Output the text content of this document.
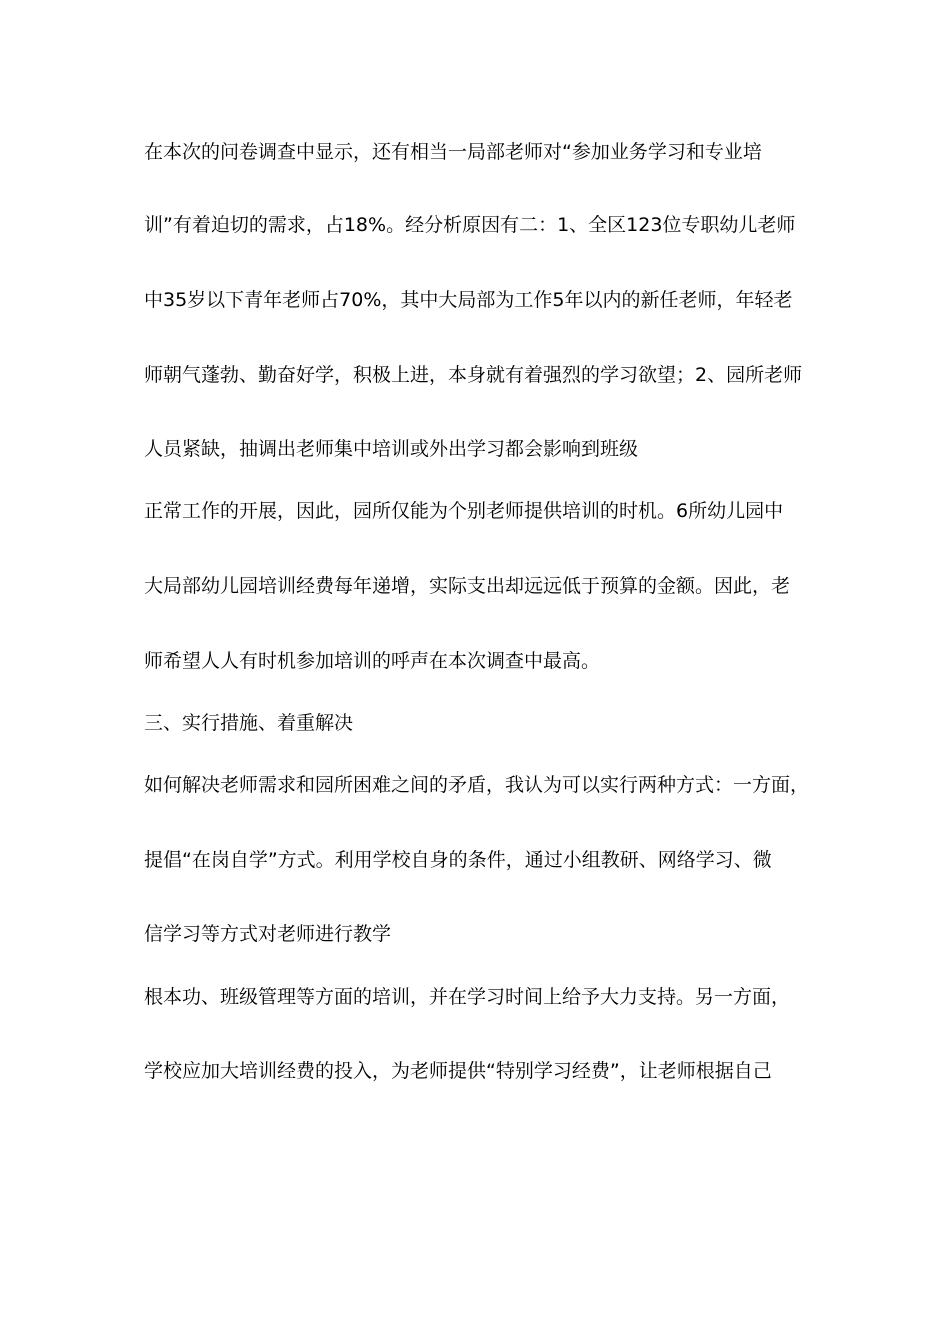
在本次的问卷调查中显示，还有相当一局部老师对“参加业务学习和专业培
训”有着迫切的需求，占18%。经分析原因有二：1、全区123位专职幼儿老师
中35岁以下青年老师占70%，其中大局部为工作5年以内的新任老师，年轻老
师朝气蓬勃、勤奋好学，积极上进，本身就有着强烈的学习欲望；2、园所老师
人员紧缺，抽调出老师集中培训或外出学习都会影响到班级
正常工作的开展，因此，园所仅能为个别老师提供培训的时机。6所幼儿园中
大局部幼儿园培训经费每年递增，实际支出却远远低于预算的金额。因此，老
师希望人人有时机参加培训的呼声在本次调查中最高。
三、实行措施、着重解决
如何解决老师需求和园所困难之间的矛盾，我认为可以实行两种方式：一方面，
提倡“在岗自学”方式。利用学校自身的条件，通过小组教研、网络学习、微
信学习等方式对老师进行教学
根本功、班级管理等方面的培训，并在学习时间上给予大力支持。另一方面，
学校应加大培训经费的投入，为老师提供“特别学习经费”，让老师根据自己
